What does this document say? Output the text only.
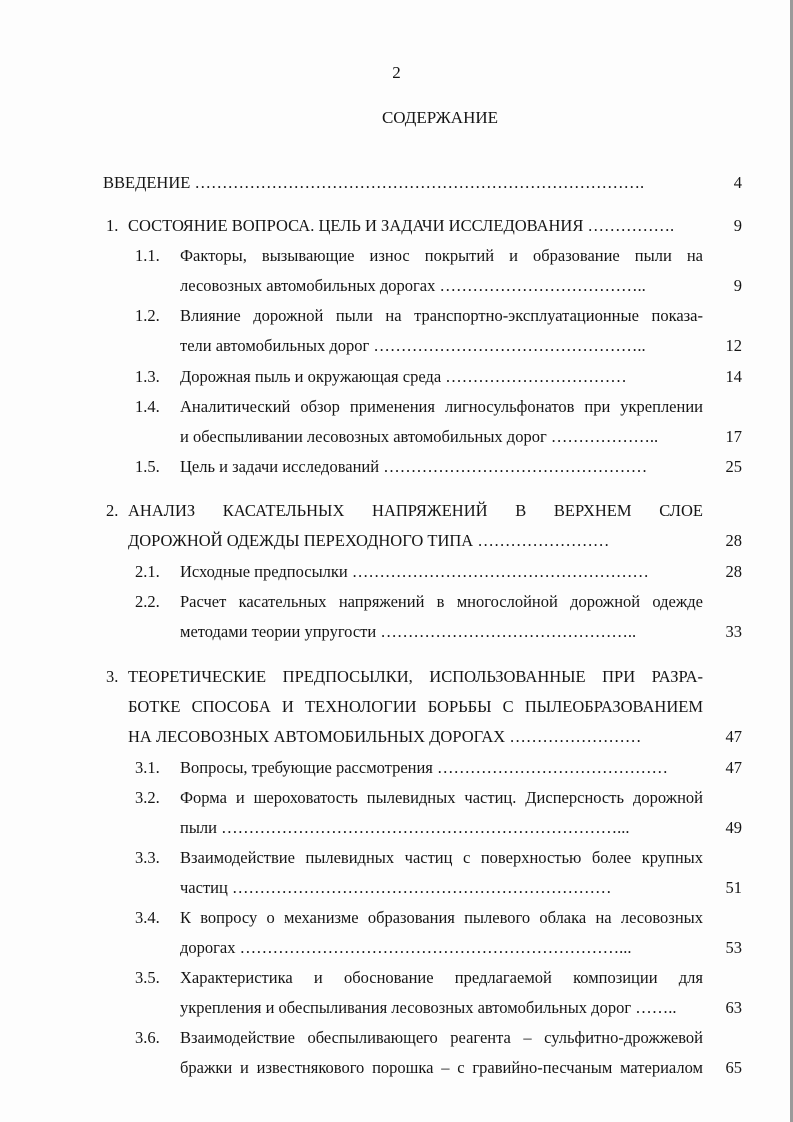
2
СОДЕРЖАНИЕ
ВВЕДЕНИЕ ……………………………………………………………………….	4
1. СОСТОЯНИЕ ВОПРОСА. ЦЕЛЬ И ЗАДАЧИ ИССЛЕДОВАНИЯ …………….	9
1.1. Факторы, вызывающие износ покрытий и образование пыли на
лесовозных автомобильных дорогах ………………………………..	9
1.2. Влияние дорожной пыли на транспортно-эксплуатационные показа-
тели автомобильных дорог …………………………………………..	12
1.3. Дорожная пыль и окружающая среда ……………………………	14
1.4. Аналитический обзор применения лигносульфонатов при укреплении
и обеспыливании лесовозных автомобильных дорог ………………..	17
1.5. Цель и задачи исследований …………………………………………	25
2. АНАЛИЗ КАСАТЕЛЬНЫХ НАПРЯЖЕНИЙ В ВЕРХНЕМ СЛОЕ
ДОРОЖНОЙ ОДЕЖДЫ ПЕРЕХОДНОГО ТИПА ……………………	28
2.1. Исходные предпосылки ………………………………………………	28
2.2. Расчет касательных напряжений в многослойной дорожной одежде
методами теории упругости ………………………………………..	33
3. ТЕОРЕТИЧЕСКИЕ ПРЕДПОСЫЛКИ, ИСПОЛЬЗОВАННЫЕ ПРИ РАЗРА-
БОТКЕ СПОСОБА И ТЕХНОЛОГИИ БОРЬБЫ С ПЫЛЕОБРАЗОВАНИЕМ
НА ЛЕСОВОЗНЫХ АВТОМОБИЛЬНЫХ ДОРОГАХ ……………………	47
3.1. Вопросы, требующие рассмотрения ……………………………………	47
3.2. Форма и шероховатость пылевидных частиц. Дисперсность дорожной
пыли ………………………………………………………………...	49
3.3. Взаимодействие пылевидных частиц с поверхностью более крупных
частиц ……………………………………………………………	51
3.4. К вопросу о механизме образования пылевого облака на лесовозных
дорогах ……………………………………………………………...	53
3.5. Характеристика и обоснование предлагаемой композиции для
укрепления и обеспыливания лесовозных автомобильных дорог ……..	63
3.6. Взаимодействие обеспыливающего реагента – сульфитно-дрожжевой
бражки и известнякового порошка – с гравийно-песчаным материалом	65
